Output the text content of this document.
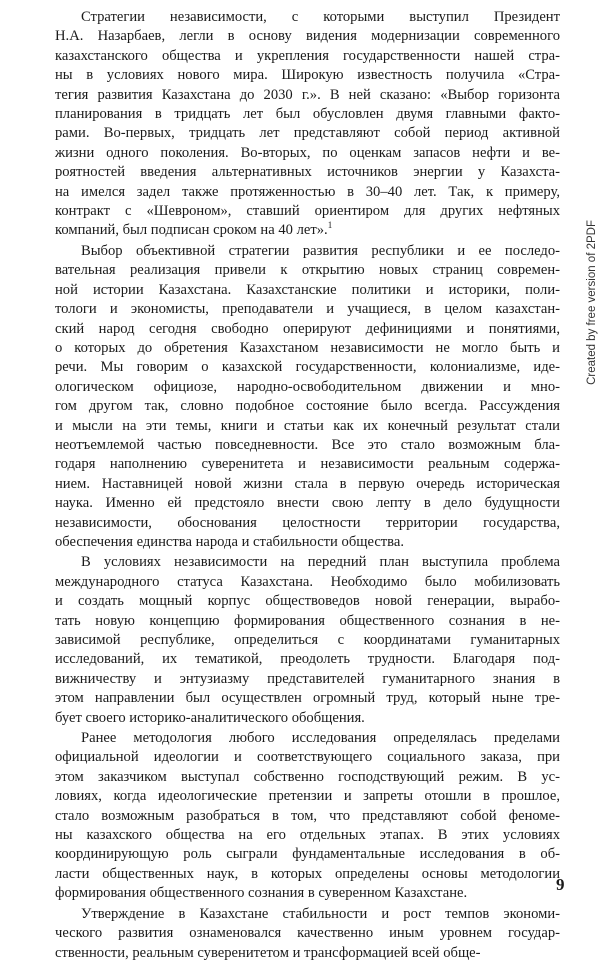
Стратегии независимости, с которыми выступил Президент
Н.А. Назарбаев, легли в основу видения модернизации современного
казахстанского общества и укрепления государственности нашей стра-
ны в условиях нового мира. Широкую известность получила «Стра-
тегия развития Казахстана до 2030 г.». В ней сказано: «Выбор горизонта
планирования в тридцать лет был обусловлен двумя главными факто-
рами. Во-первых, тридцать лет представляют собой период активной
жизни одного поколения. Во-вторых, по оценкам запасов нефти и ве-
роятностей введения альтернативных источников энергии у Казахста-
на имелся задел также протяженностью в 30–40 лет. Так, к примеру,
контракт с «Шевроном», ставший ориентиром для других нефтяных
компаний, был подписан сроком на 40 лет».$^1$
Выбор объективной стратегии развития республики и ее последо-
вательная реализация привели к открытию новых страниц современ-
ной истории Казахстана. Казахстанские политики и историки, поли-
тологи и экономисты, преподаватели и учащиеся, в целом казахстан-
ский народ сегодня свободно оперируют дефинициями и понятиями,
о которых до обретения Казахстаном независимости не могло быть и
речи. Мы говорим о казахской государственности, колониализме, иде-
ологическом официозе, народно-освободительном движении и мно-
гом другом так, словно подобное состояние было всегда. Рассуждения
и мысли на эти темы, книги и статьи как их конечный результат стали
неотъемлемой частью повседневности. Все это стало возможным бла-
годаря наполнению суверенитета и независимости реальным содержа-
нием. Наставницей новой жизни стала в первую очередь историческая
наука. Именно ей предстояло внести свою лепту в дело будущности
независимости, обоснования целостности территории государства,
обеспечения единства народа и стабильности общества.
В условиях независимости на передний план выступила проблема
международного статуса Казахстана. Необходимо было мобилизовать
и создать мощный корпус обществоведов новой генерации, вырабо-
тать новую концепцию формирования общественного сознания в не-
зависимой республике, определиться с координатами гуманитарных
исследований, их тематикой, преодолеть трудности. Благодаря под-
вижничеству и энтузиазму представителей гуманитарного знания в
этом направлении был осуществлен огромный труд, который ныне тре-
бует своего историко-аналитического обобщения.
Ранее методология любого исследования определялась пределами
официальной идеологии и соответствующего социального заказа, при
этом заказчиком выступал собственно господствующий режим. В ус-
ловиях, когда идеологические претензии и запреты отошли в прошлое,
стало возможным разобраться в том, что представляют собой феноме-
ны казахского общества на его отдельных этапах. В этих условиях
координирующую роль сыграли фундаментальные исследования в об-
ласти общественных наук, в которых определены основы методологии
формирования общественного сознания в суверенном Казахстане.
Утверждение в Казахстане стабильности и рост темпов экономи-
ческого развития ознаменовался качественно иным уровнем государ-
ственности, реальным суверенитетом и трансформацией всей обще-
Created by free version of 2PDF
9
